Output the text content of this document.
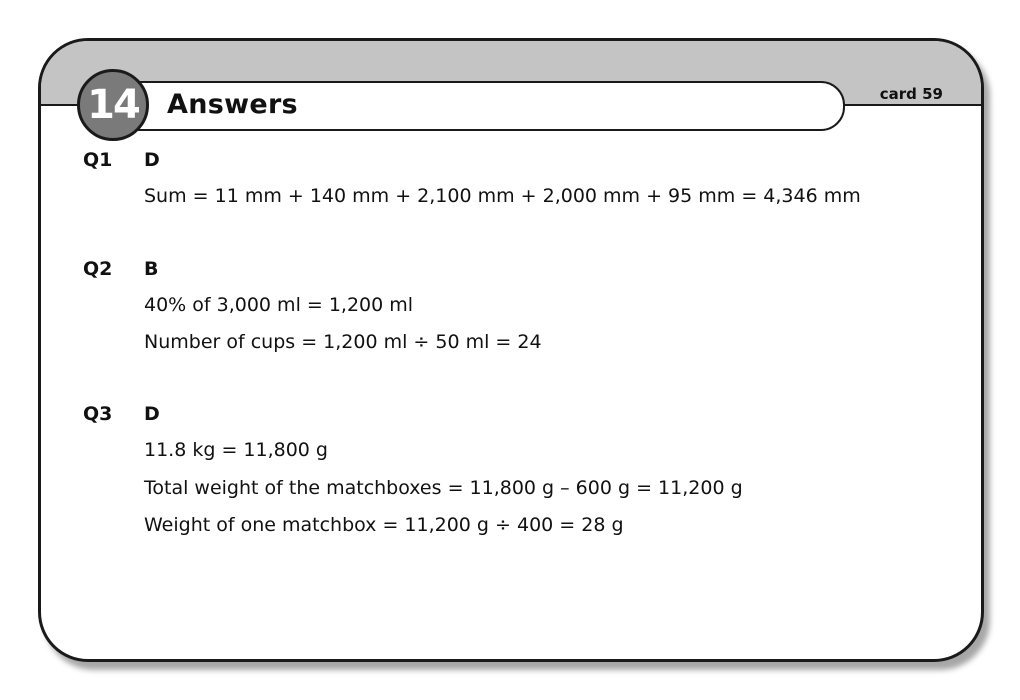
Answers
14	card 59
Q1 D
Sum = 11 mm + 140 mm + 2,100 mm + 2,000 mm + 95 mm = 4,346 mm
Q2 B
40% of 3,000 ml = 1,200 ml
Number of cups = 1,200 ml ÷ 50 ml = 24
Q3 D
11.8 kg = 11,800 g
Total weight of the matchboxes = 11,800 g – 600 g = 11,200 g
Weight of one matchbox = 11,200 g ÷ 400 = 28 g
